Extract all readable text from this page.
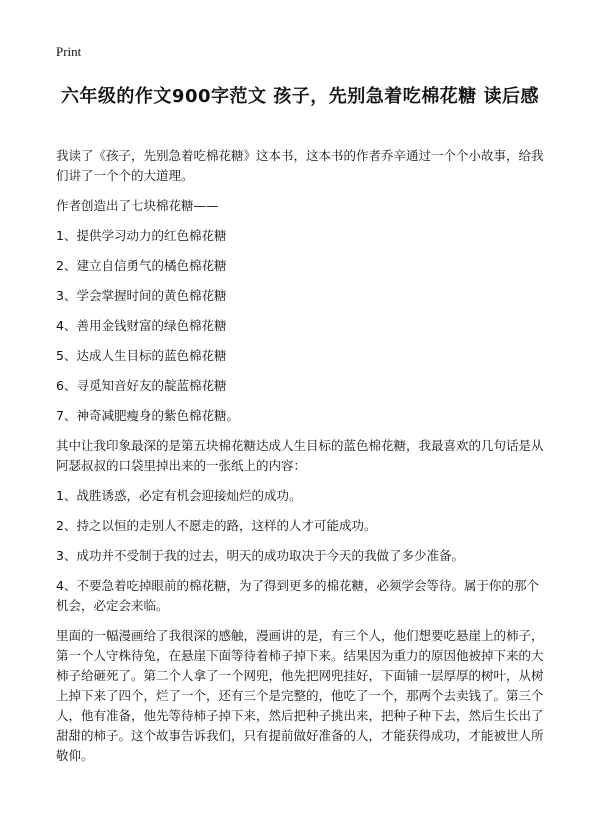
Print
六年级的作文900字范文 孩子，先别急着吃棉花糖 读后感

我读了《孩子，先别急着吃棉花糖》这本书，这本书的作者乔辛通过一个个小故事，给我们讲了一个个的大道理。

作者创造出了七块棉花糖——

1、提供学习动力的红色棉花糖

2、建立自信勇气的橘色棉花糖

3、学会掌握时间的黄色棉花糖

4、善用金钱财富的绿色棉花糖

5、达成人生目标的蓝色棉花糖

6、寻觅知音好友的靛蓝棉花糖

7、神奇减肥瘦身的紫色棉花糖。

其中让我印象最深的是第五块棉花糖达成人生目标的蓝色棉花糖，我最喜欢的几句话是从阿瑟叔叔的口袋里掉出来的一张纸上的内容：

1、战胜诱惑，必定有机会迎接灿烂的成功。

2、持之以恒的走别人不愿走的路，这样的人才可能成功。

3、成功并不受制于我的过去，明天的成功取决于今天的我做了多少准备。

4、不要急着吃掉眼前的棉花糖，为了得到更多的棉花糖，必须学会等待。属于你的那个机会，必定会来临。

里面的一幅漫画给了我很深的感触，漫画讲的是，有三个人，他们想要吃悬崖上的柿子，第一个人守株待兔，在悬崖下面等待着柿子掉下来。结果因为重力的原因他被掉下来的大柿子给砸死了。第二个人拿了一个网兜，他先把网兜挂好，下面铺一层厚厚的树叶，从树上掉下来了四个，烂了一个，还有三个是完整的，他吃了一个，那两个去卖钱了。第三个人，他有准备，他先等待柿子掉下来，然后把种子挑出来，把种子种下去，然后生长出了甜甜的柿子。这个故事告诉我们，只有提前做好准备的人，才能获得成功，才能被世人所敬仰。
